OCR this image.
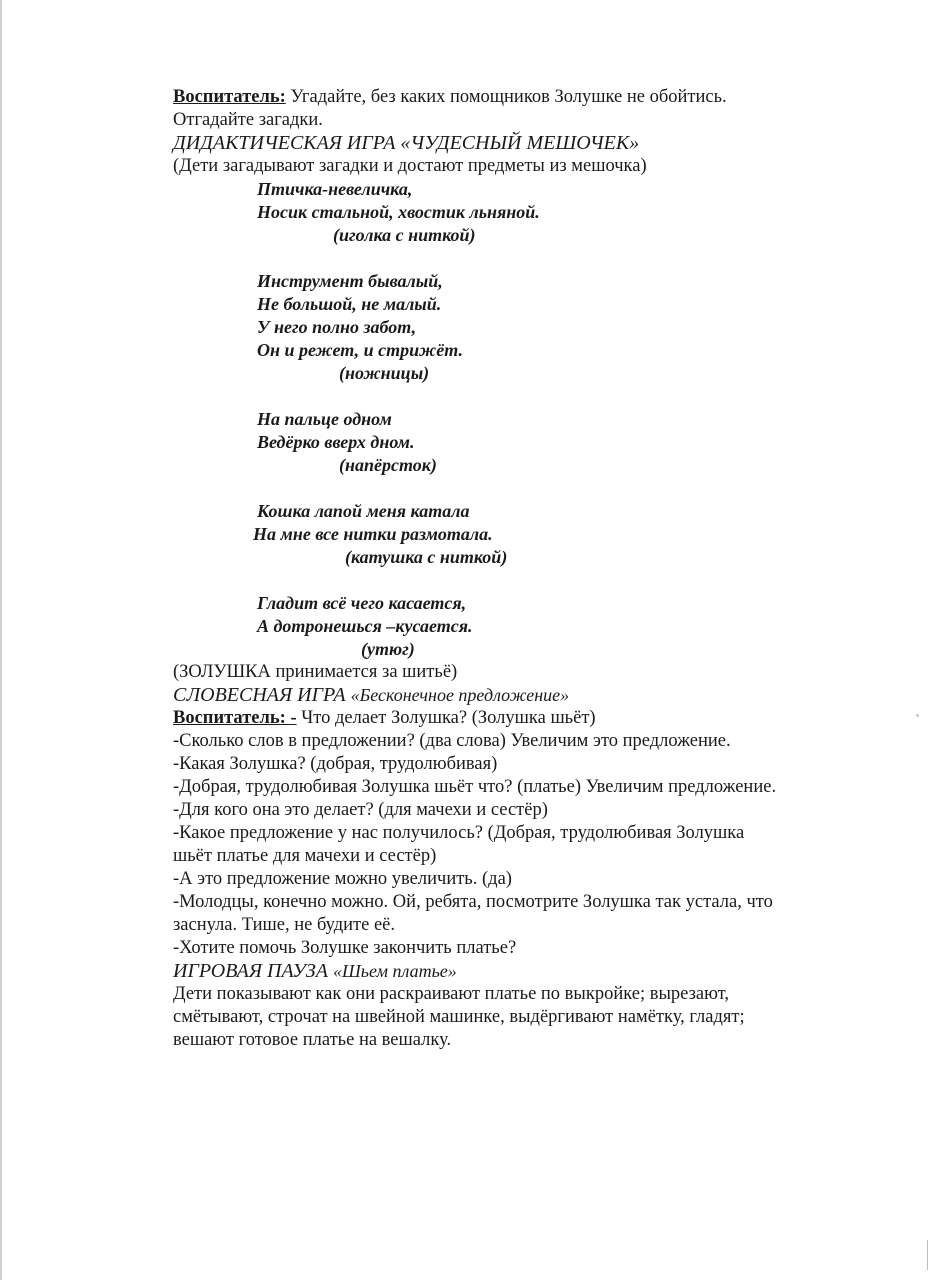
Воспитатель: Угадайте, без каких помощников Золушке не обойтись.
Отгадайте загадки.
ДИДАКТИЧЕСКАЯ ИГРА «ЧУДЕСНЫЙ МЕШОЧЕК»
(Дети загадывают загадки и достают предметы из мешочка)
Птичка-невеличка,
Носик стальной, хвостик льняной.
(иголка с ниткой)
Инструмент бывалый,
Не большой, не малый.
У него полно забот,
Он и режет, и стрижёт.
(ножницы)
На пальце одном
Ведёрко вверх дном.
(напёрсток)
Кошка лапой меня катала
На мне все нитки размотала.
(катушка с ниткой)
Гладит всё чего касается,
А дотронешься –кусается.
(утюг)
(ЗОЛУШКА принимается за шитьё)
СЛОВЕСНАЯ ИГРА «Бесконечное предложение»
Воспитатель: - Что делает Золушка? (Золушка шьёт)
-Сколько слов в предложении? (два слова) Увеличим это предложение.
-Какая Золушка? (добрая, трудолюбивая)
-Добрая, трудолюбивая Золушка шьёт что? (платье) Увеличим предложение.
-Для кого она это делает? (для мачехи и сестёр)
-Какое предложение у нас получилось? (Добрая, трудолюбивая Золушка
шьёт платье для мачехи и сестёр)
-А это предложение можно увеличить. (да)
-Молодцы, конечно можно. Ой, ребята, посмотрите Золушка так устала, что
заснула. Тише, не будите её.
-Хотите помочь Золушке закончить платье?
ИГРОВАЯ ПАУЗА «Шьем платье»
Дети показывают как они раскраивают платье по выкройке; вырезают,
смётывают, строчат на швейной машинке, выдёргивают намётку, гладят;
вешают готовое платье на вешалку.
